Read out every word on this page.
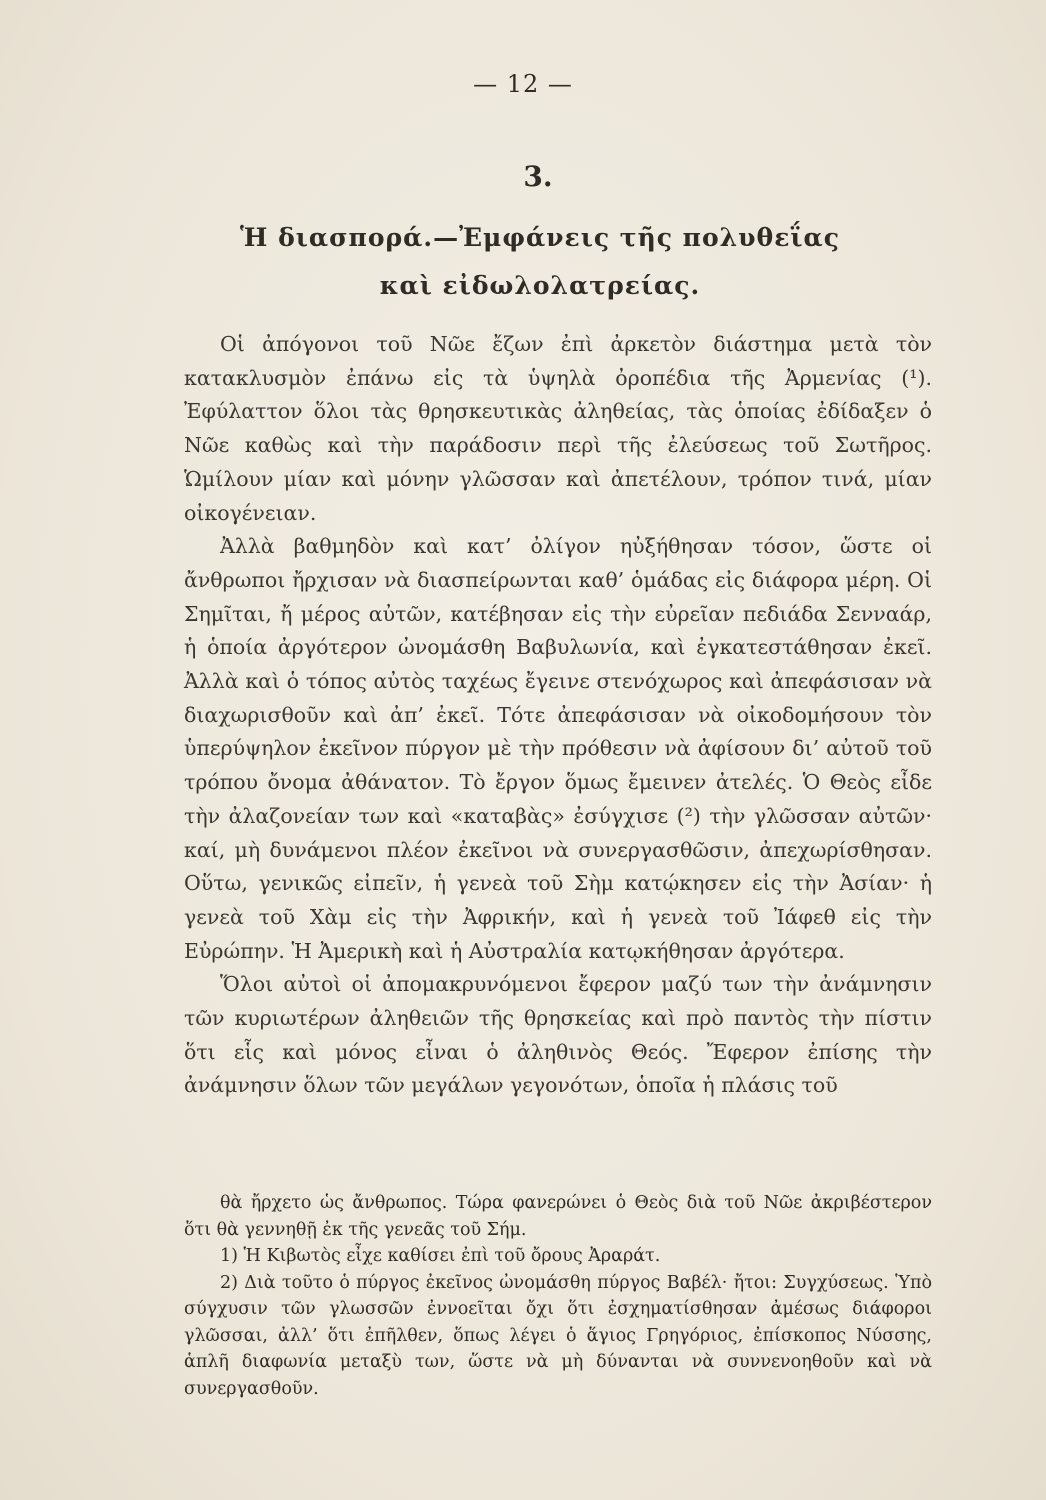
— 12 —
3.
Ἡ διασπορά.—Ἐμφάνεις τῆς πολυθεΐας
καὶ εἰδωλολατρείας.

Οἱ ἀπόγονοι τοῦ Νῶε ἔζων ἐπὶ ἀρκετὸν διάστημα μετὰ τὸν κατακλυσμὸν ἐπάνω εἰς τὰ ὑψηλὰ ὀροπέδια τῆς Ἀρμενίας (¹). Ἐφύλαττον ὅλοι τὰς θρησκευτικὰς ἀληθείας, τὰς ὁποίας ἐδίδαξεν ὁ Νῶε καθὼς καὶ τὴν παράδοσιν περὶ τῆς ἐλεύσεως τοῦ Σωτῆρος. Ὡμίλουν μίαν καὶ μόνην γλῶσσαν καὶ ἀπετέλουν, τρόπον τινά, μίαν οἰκογένειαν.

Ἀλλὰ βαθμηδὸν καὶ κατ’ ὀλίγον ηὐξήθησαν τόσον, ὥστε οἱ ἄνθρωποι ἤρχισαν νὰ διασπείρωνται καθ’ ὁμάδας εἰς διάφορα μέρη. Οἱ Σημῖται, ἤ μέρος αὐτῶν, κατέβησαν εἰς τὴν εὐρεῖαν πεδιάδα Σενναάρ, ἡ ὁποία ἀργότερον ὠνομάσθη Βαβυλωνία, καὶ ἐγκατεστάθησαν ἐκεῖ. Ἀλλὰ καὶ ὁ τόπος αὐτὸς ταχέως ἔγεινε στενόχωρος καὶ ἀπεφάσισαν νὰ διαχωρισθοῦν καὶ ἀπ’ ἐκεῖ. Τότε ἀπεφάσισαν νὰ οἰκοδομήσουν τὸν ὑπερύψηλον ἐκεῖνον πύργον μὲ τὴν πρόθεσιν νὰ ἀφίσουν δι’ αὐτοῦ τοῦ τρόπου ὄνομα ἀθάνατον. Τὸ ἔργον ὅμως ἔμεινεν ἀτελές. Ὁ Θεὸς εἶδε τὴν ἀλαζονείαν των καὶ «καταβὰς» ἐσύγχισε (²) τὴν γλῶσσαν αὐτῶν· καί, μὴ δυνάμενοι πλέον ἐκεῖνοι νὰ συνεργασθῶσιν, ἀπεχωρίσθησαν. Οὕτω, γενικῶς εἰπεῖν, ἡ γενεὰ τοῦ Σὴμ κατῴκησεν εἰς τὴν Ἀσίαν· ἡ γενεὰ τοῦ Χὰμ εἰς τὴν Ἀφρικήν, καὶ ἡ γενεὰ τοῦ Ἰάφεθ εἰς τὴν Εὐρώπην. Ἡ Ἀμερικὴ καὶ ἡ Αὐστραλία κατῳκήθησαν ἀργότερα.

Ὅλοι αὐτοὶ οἱ ἀπομακρυνόμενοι ἔφερον μαζύ των τὴν ἀνάμνησιν τῶν κυριωτέρων ἀληθειῶν τῆς θρησκείας καὶ πρὸ παντὸς τὴν πίστιν ὅτι εἷς καὶ μόνος εἶναι ὁ ἀληθινὸς Θεός. Ἔφερον ἐπίσης τὴν ἀνάμνησιν ὅλων τῶν μεγάλων γεγονότων, ὁποῖα ἡ πλάσις τοῦ

θὰ ἤρχετο ὡς ἄνθρωπος. Τώρα φανερώνει ὁ Θεὸς διὰ τοῦ Νῶε ἀκριβέστερον ὅτι θὰ γεννηθῇ ἐκ τῆς γενεᾶς τοῦ Σήμ.

1) Ἡ Κιβωτὸς εἶχε καθίσει ἐπὶ τοῦ ὄρους Ἀραράτ.

2) Διὰ τοῦτο ὁ πύργος ἐκεῖνος ὠνομάσθη πύργος Βαβέλ· ἤτοι: Συγχύσεως. Ὑπὸ σύγχυσιν τῶν γλωσσῶν ἐννοεῖται ὄχι ὅτι ἐσχηματίσθησαν ἀμέσως διάφοροι γλῶσσαι, ἀλλ’ ὅτι ἐπῆλθεν, ὅπως λέγει ὁ ἅγιος Γρηγόριος, ἐπίσκοπος Νύσσης, ἁπλῆ διαφωνία μεταξὺ των, ὥστε νὰ μὴ δύνανται νὰ συννενοηθοῦν καὶ νὰ συνεργασθοῦν.
